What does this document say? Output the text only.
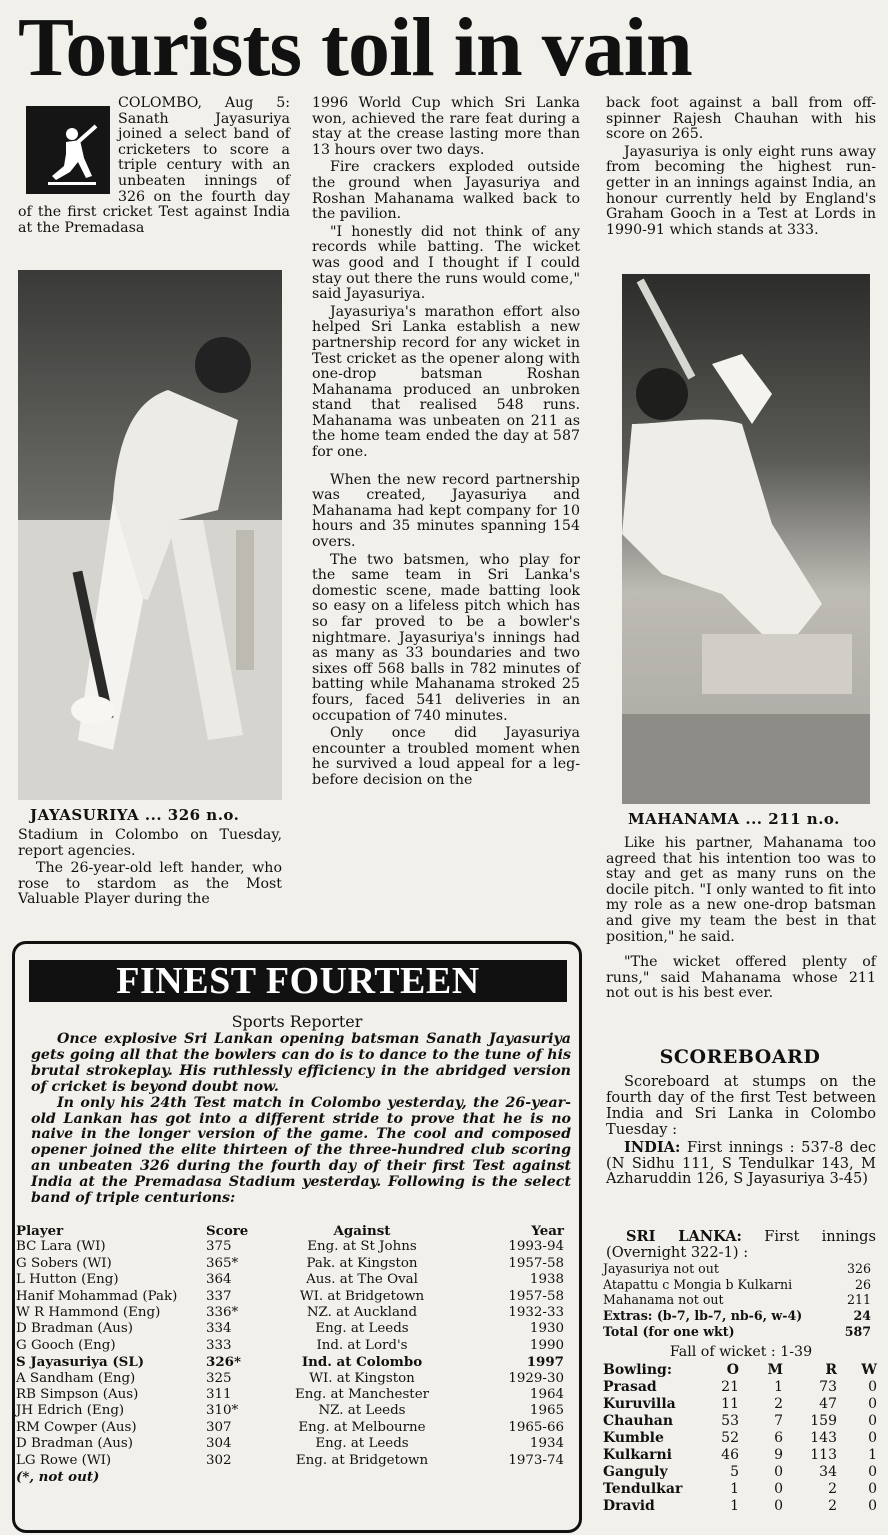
Tourists toil in vain

COLOMBO, Aug 5: Sanath Jayasuriya joined a select band of cricketers to score a triple century with an unbeaten innings of 326 on the fourth day of the first cricket Test against India at the Premadasa

JAYASURIYA ... 326 n.o.

Stadium in Colombo on Tuesday, report agencies.

The 26-year-old left hander, who rose to stardom as the Most Valuable Player during the

1996 World Cup which Sri Lanka won, achieved the rare feat during a stay at the crease lasting more than 13 hours over two days.

Fire crackers exploded outside the ground when Jayasuriya and Roshan Mahanama walked back to the pavilion.

"I honestly did not think of any records while batting. The wicket was good and I thought if I could stay out there the runs would come," said Jayasuriya.

Jayasuriya's marathon effort also helped Sri Lanka establish a new partnership record for any wicket in Test cricket as the opener along with one-drop batsman Roshan Mahanama produced an unbroken stand that realised 548 runs. Mahanama was unbeaten on 211 as the home team ended the day at 587 for one.

When the new record partnership was created, Jayasuriya and Mahanama had kept company for 10 hours and 35 minutes spanning 154 overs.

The two batsmen, who play for the same team in Sri Lanka's domestic scene, made batting look so easy on a lifeless pitch which has so far proved to be a bowler's nightmare. Jayasuriya's innings had as many as 33 boundaries and two sixes off 568 balls in 782 minutes of batting while Mahanama stroked 25 fours, faced 541 deliveries in an occupation of 740 minutes.

Only once did Jayasuriya encounter a troubled moment when he survived a loud appeal for a leg-before decision on the

back foot against a ball from off-spinner Rajesh Chauhan with his score on 265.

Jayasuriya is only eight runs away from becoming the highest run-getter in an innings against India, an honour currently held by England's Graham Gooch in a Test at Lords in 1990-91 which stands at 333.

MAHANAMA ... 211 n.o.

Like his partner, Mahanama too agreed that his intention too was to stay and get as many runs on the docile pitch. "I only wanted to fit into my role as a new one-drop batsman and give my team the best in that position," he said.

"The wicket offered plenty of runs," said Mahanama whose 211 not out is his best ever.

FINEST FOURTEEN
Sports Reporter

Once explosive Sri Lankan opening batsman Sanath Jayasuriya gets going all that the bowlers can do is to dance to the tune of his brutal strokeplay. His ruthlessly efficiency in the abridged version of cricket is beyond doubt now.

In only his 24th Test match in Colombo yesterday, the 26-year-old Lankan has got into a different stride to prove that he is no naive in the longer version of the game. The cool and composed opener joined the elite thirteen of the three-hundred club scoring an unbeaten 326 during the fourth day of their first Test against India at the Premadasa Stadium yesterday. Following is the select band of triple centurions:

Player	Score	Against	Year
BC Lara (WI)	375	Eng. at St Johns	1993-94
G Sobers (WI)	365*	Pak. at Kingston	1957-58
L Hutton (Eng)	364	Aus. at The Oval	1938
Hanif Mohammad (Pak)	337	WI. at Bridgetown	1957-58
W R Hammond (Eng)	336*	NZ. at Auckland	1932-33
D Bradman (Aus)	334	Eng. at Leeds	1930
G Gooch (Eng)	333	Ind. at Lord's	1990
S Jayasuriya (SL)	326*	Ind. at Colombo	1997
A Sandham (Eng)	325	WI. at Kingston	1929-30
RB Simpson (Aus)	311	Eng. at Manchester	1964
JH Edrich (Eng)	310*	NZ. at Leeds	1965
RM Cowper (Aus)	307	Eng. at Melbourne	1965-66
D Bradman (Aus)	304	Eng. at Leeds	1934
LG Rowe (WI)	302	Eng. at Bridgetown	1973-74
(*, not out)			
SCOREBOARD

Scoreboard at stumps on the fourth day of the first Test between India and Sri Lanka in Colombo Tuesday :

INDIA: First innings : 537-8 dec (N Sidhu 111, S Tendulkar 143, M Azharuddin 126, S Jayasuriya 3-45)

SRI LANKA: First innings (Overnight 322-1) :

Jayasuriya not out	326
Atapattu c Mongia b Kulkarni	26
Mahanama not out	211
Extras: (b-7, lb-7, nb-6, w-4)	24
Total (for one wkt)	587
Fall of wicket : 1-39
Bowling:	O	M	R	W
Prasad	21	1	73	0
Kuruvilla	11	2	47	0
Chauhan	53	7	159	0
Kumble	52	6	143	0
Kulkarni	46	9	113	1
Ganguly	5	0	34	0
Tendulkar	1	0	2	0
Dravid	1	0	2	0
